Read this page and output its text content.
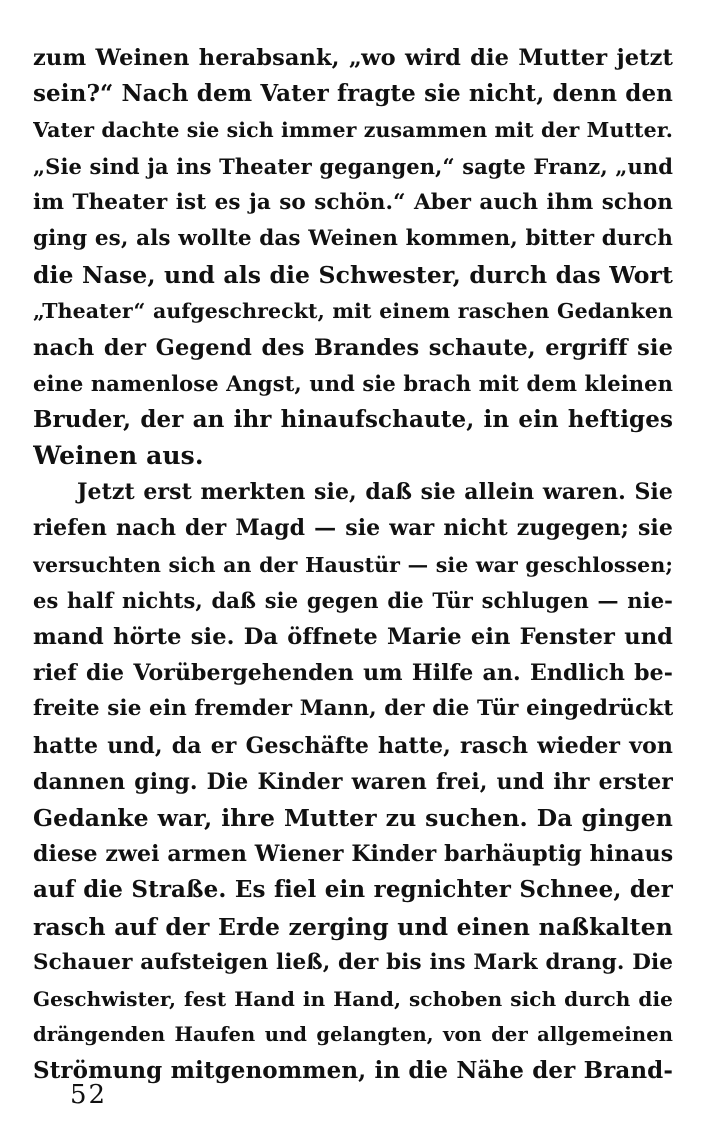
zum Weinen herabsank, „wo wird die Mutter jetzt
sein?“ Nach dem Vater fragte sie nicht, denn den
Vater dachte sie sich immer zusammen mit der Mutter.
„Sie sind ja ins Theater gegangen,“ sagte Franz, „und
im Theater ist es ja so schön.“ Aber auch ihm schon
ging es, als wollte das Weinen kommen, bitter durch
die Nase, und als die Schwester, durch das Wort
„Theater“ aufgeschreckt, mit einem raschen Gedanken
nach der Gegend des Brandes schaute, ergriff sie
eine namenlose Angst, und sie brach mit dem kleinen
Bruder, der an ihr hinaufschaute, in ein heftiges
Weinen aus.
Jetzt erst merkten sie, daß sie allein waren. Sie
riefen nach der Magd — sie war nicht zugegen; sie
versuchten sich an der Haustür — sie war geschlossen;
es half nichts, daß sie gegen die Tür schlugen — nie-
mand hörte sie. Da öffnete Marie ein Fenster und
rief die Vorübergehenden um Hilfe an. Endlich be-
freite sie ein fremder Mann, der die Tür eingedrückt
hatte und, da er Geschäfte hatte, rasch wieder von
dannen ging. Die Kinder waren frei, und ihr erster
Gedanke war, ihre Mutter zu suchen. Da gingen
diese zwei armen Wiener Kinder barhäuptig hinaus
auf die Straße. Es fiel ein regnichter Schnee, der
rasch auf der Erde zerging und einen naßkalten
Schauer aufsteigen ließ, der bis ins Mark drang. Die
Geschwister, fest Hand in Hand, schoben sich durch die
drängenden Haufen und gelangten, von der allgemeinen
Strömung mitgenommen, in die Nähe der Brand-
52
